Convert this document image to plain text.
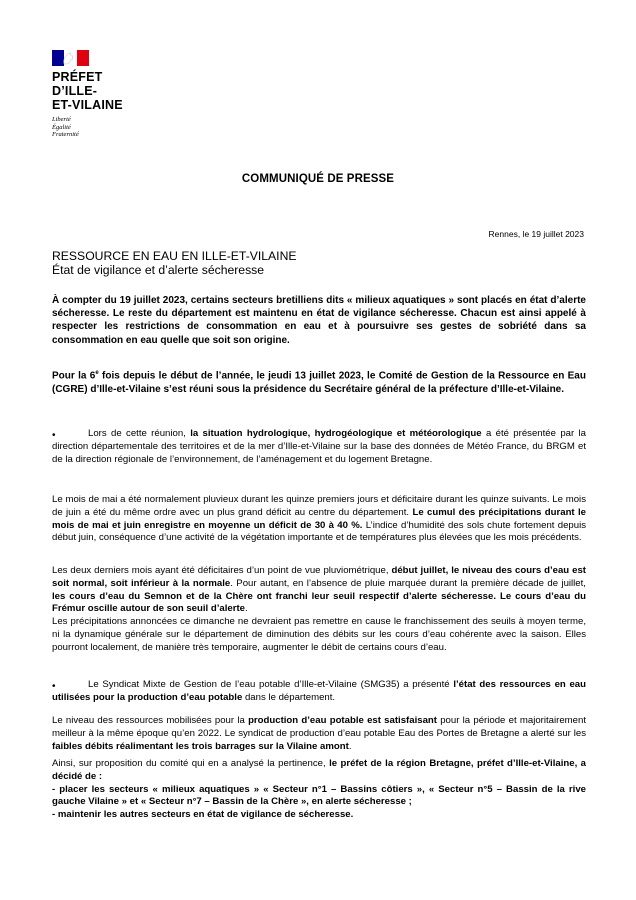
PRÉFET
D’ILLE-
ET-VILAINE
Liberté
Égalité
Fraternité
COMMUNIQUÉ DE PRESSE
Rennes, le 19 juillet 2023
RESSOURCE EN EAU EN ILLE-ET-VILAINE
État de vigilance et d’alerte sécheresse

À compter du 19 juillet 2023, certains secteurs bretilliens dits « milieux aquatiques » sont placés en état d’alerte sécheresse. Le reste du département est maintenu en état de vigilance sécheresse. Chacun est ainsi appelé à respecter les restrictions de consommation en eau et à poursuivre ses gestes de sobriété dans sa consommation en eau quelle que soit son origine.

Pour la 6e fois depuis le début de l’année, le jeudi 13 juillet 2023, le Comité de Gestion de la Ressource en Eau (CGRE) d’Ille-et-Vilaine s’est réuni sous la présidence du Secrétaire général de la préfecture d’Ille-et-Vilaine.

•	Lors de cette réunion, la situation hydrologique, hydrogéologique et météorologique a été présentée par la direction départementale des territoires et de la mer d’Ille-et-Vilaine sur la base des données de Météo France, du BRGM et de la direction régionale de l’environnement, de l’aménagement et du logement Bretagne.

Le mois de mai a été normalement pluvieux durant les quinze premiers jours et déficitaire durant les quinze suivants. Le mois de juin a été du même ordre avec un plus grand déficit au centre du département. Le cumul des précipitations durant le mois de mai et juin enregistre en moyenne un déficit de 30 à 40 %. L’indice d’humidité des sols chute fortement depuis début juin, conséquence d’une activité de la végétation importante et de températures plus élevées que les mois précédents.

Les deux derniers mois ayant été déficitaires d’un point de vue pluviométrique, début juillet, le niveau des cours d’eau est soit normal, soit inférieur à la normale. Pour autant, en l’absence de pluie marquée durant la première décade de juillet, les cours d’eau du Semnon et de la Chère ont franchi leur seuil respectif d’alerte sécheresse. Le cours d’eau du Frémur oscille autour de son seuil d’alerte.

Les précipitations annoncées ce dimanche ne devraient pas remettre en cause le franchissement des seuils à moyen terme, ni la dynamique générale sur le département de diminution des débits sur les cours d’eau cohérente avec la saison. Elles pourront localement, de manière très temporaire, augmenter le débit de certains cours d’eau.

•	Le Syndicat Mixte de Gestion de l’eau potable d’Ille-et-Vilaine (SMG35) a présenté l’état des ressources en eau utilisées pour la production d’eau potable dans le département.

Le niveau des ressources mobilisées pour la production d’eau potable est satisfaisant pour la période et majoritairement meilleur à la même époque qu’en 2022. Le syndicat de production d’eau potable Eau des Portes de Bretagne a alerté sur les faibles débits réalimentant les trois barrages sur la Vilaine amont.

Ainsi, sur proposition du comité qui en a analysé la pertinence, le préfet de la région Bretagne, préfet d’Ille-et-Vilaine, a décidé de :

- placer les secteurs « milieux aquatiques » « Secteur n°1 – Bassins côtiers », « Secteur n°5 – Bassin de la rive gauche Vilaine » et « Secteur n°7 – Bassin de la Chère », en alerte sécheresse ;

- maintenir les autres secteurs en état de vigilance de sécheresse.
